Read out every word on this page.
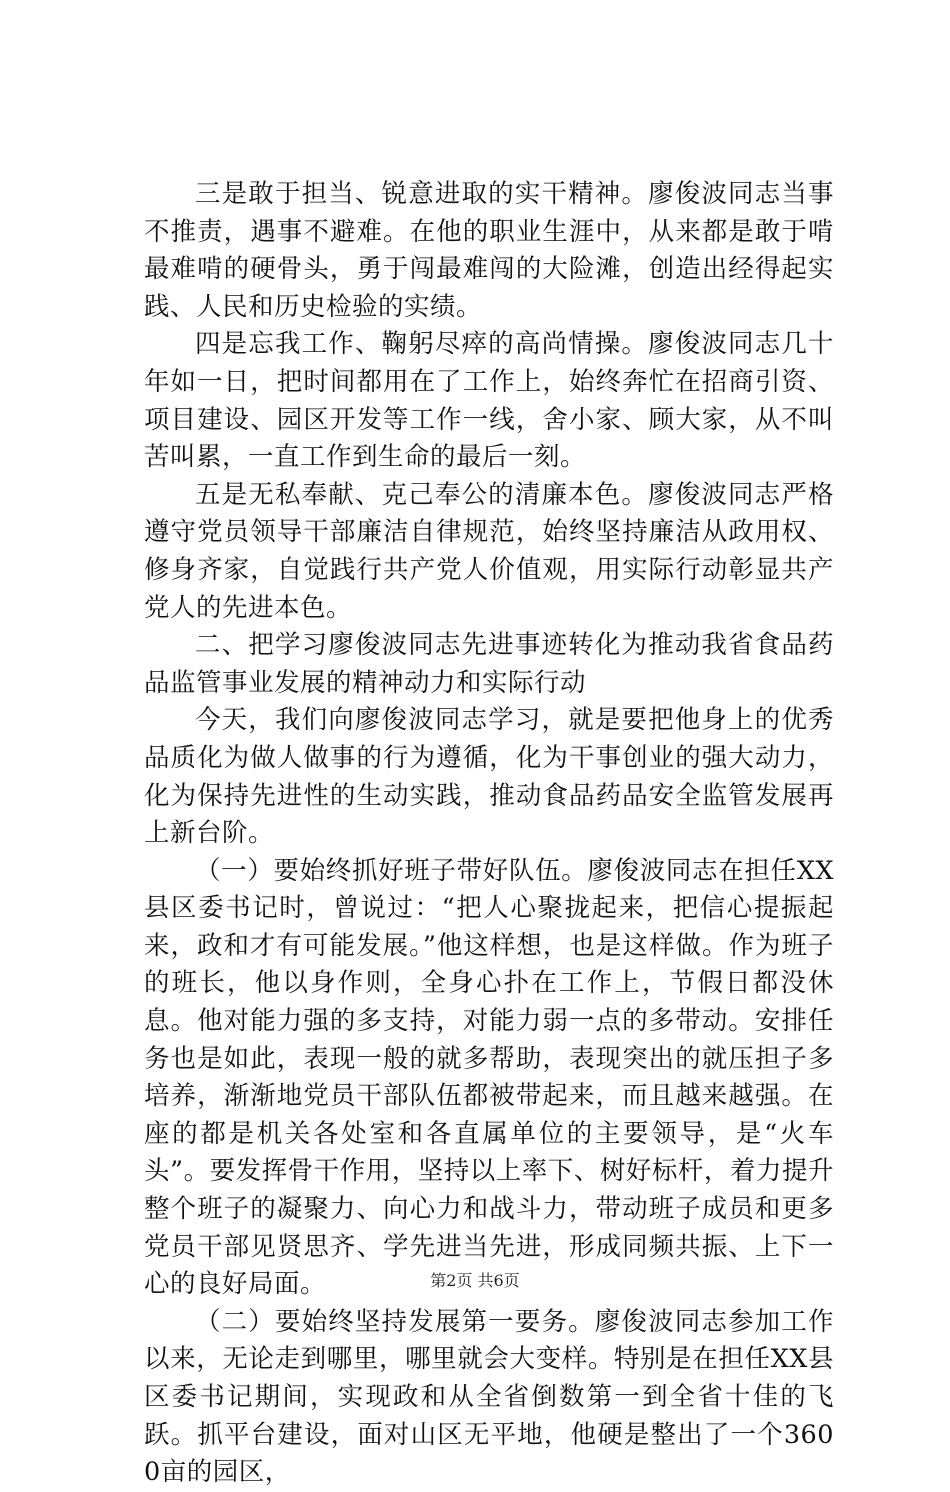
三是敢于担当、锐意进取的实干精神。廖俊波同志当事不推责，遇事不避难。在他的职业生涯中，从来都是敢于啃最难啃的硬骨头，勇于闯最难闯的大险滩，创造出经得起实践、人民和历史检验的实绩。

四是忘我工作、鞠躬尽瘁的高尚情操。廖俊波同志几十年如一日，把时间都用在了工作上，始终奔忙在招商引资、项目建设、园区开发等工作一线，舍小家、顾大家，从不叫苦叫累，一直工作到生命的最后一刻。

五是无私奉献、克己奉公的清廉本色。廖俊波同志严格遵守党员领导干部廉洁自律规范，始终坚持廉洁从政用权、修身齐家，自觉践行共产党人价值观，用实际行动彰显共产党人的先进本色。

二、把学习廖俊波同志先进事迹转化为推动我省食品药品监管事业发展的精神动力和实际行动

今天，我们向廖俊波同志学习，就是要把他身上的优秀品质化为做人做事的行为遵循，化为干事创业的强大动力，化为保持先进性的生动实践，推动食品药品安全监管发展再上新台阶。

（一）要始终抓好班子带好队伍。廖俊波同志在担任XX县区委书记时，曾说过：“把人心聚拢起来，把信心提振起来，政和才有可能发展。”他这样想，也是这样做。作为班子的班长，他以身作则，全身心扑在工作上，节假日都没休息。他对能力强的多支持，对能力弱一点的多带动。安排任务也是如此，表现一般的就多帮助，表现突出的就压担子多培养，渐渐地党员干部队伍都被带起来，而且越来越强。在座的都是机关各处室和各直属单位的主要领导，是“火车头”。要发挥骨干作用，坚持以上率下、树好标杆，着力提升整个班子的凝聚力、向心力和战斗力，带动班子成员和更多党员干部见贤思齐、学先进当先进，形成同频共振、上下一心的良好局面。

（二）要始终坚持发展第一要务。廖俊波同志参加工作以来，无论走到哪里，哪里就会大变样。特别是在担任XX县区委书记期间，实现政和从全省倒数第一到全省十佳的飞跃。抓平台建设，面对山区无平地，他硬是整出了一个3600亩的园区，

第2页 共6页
